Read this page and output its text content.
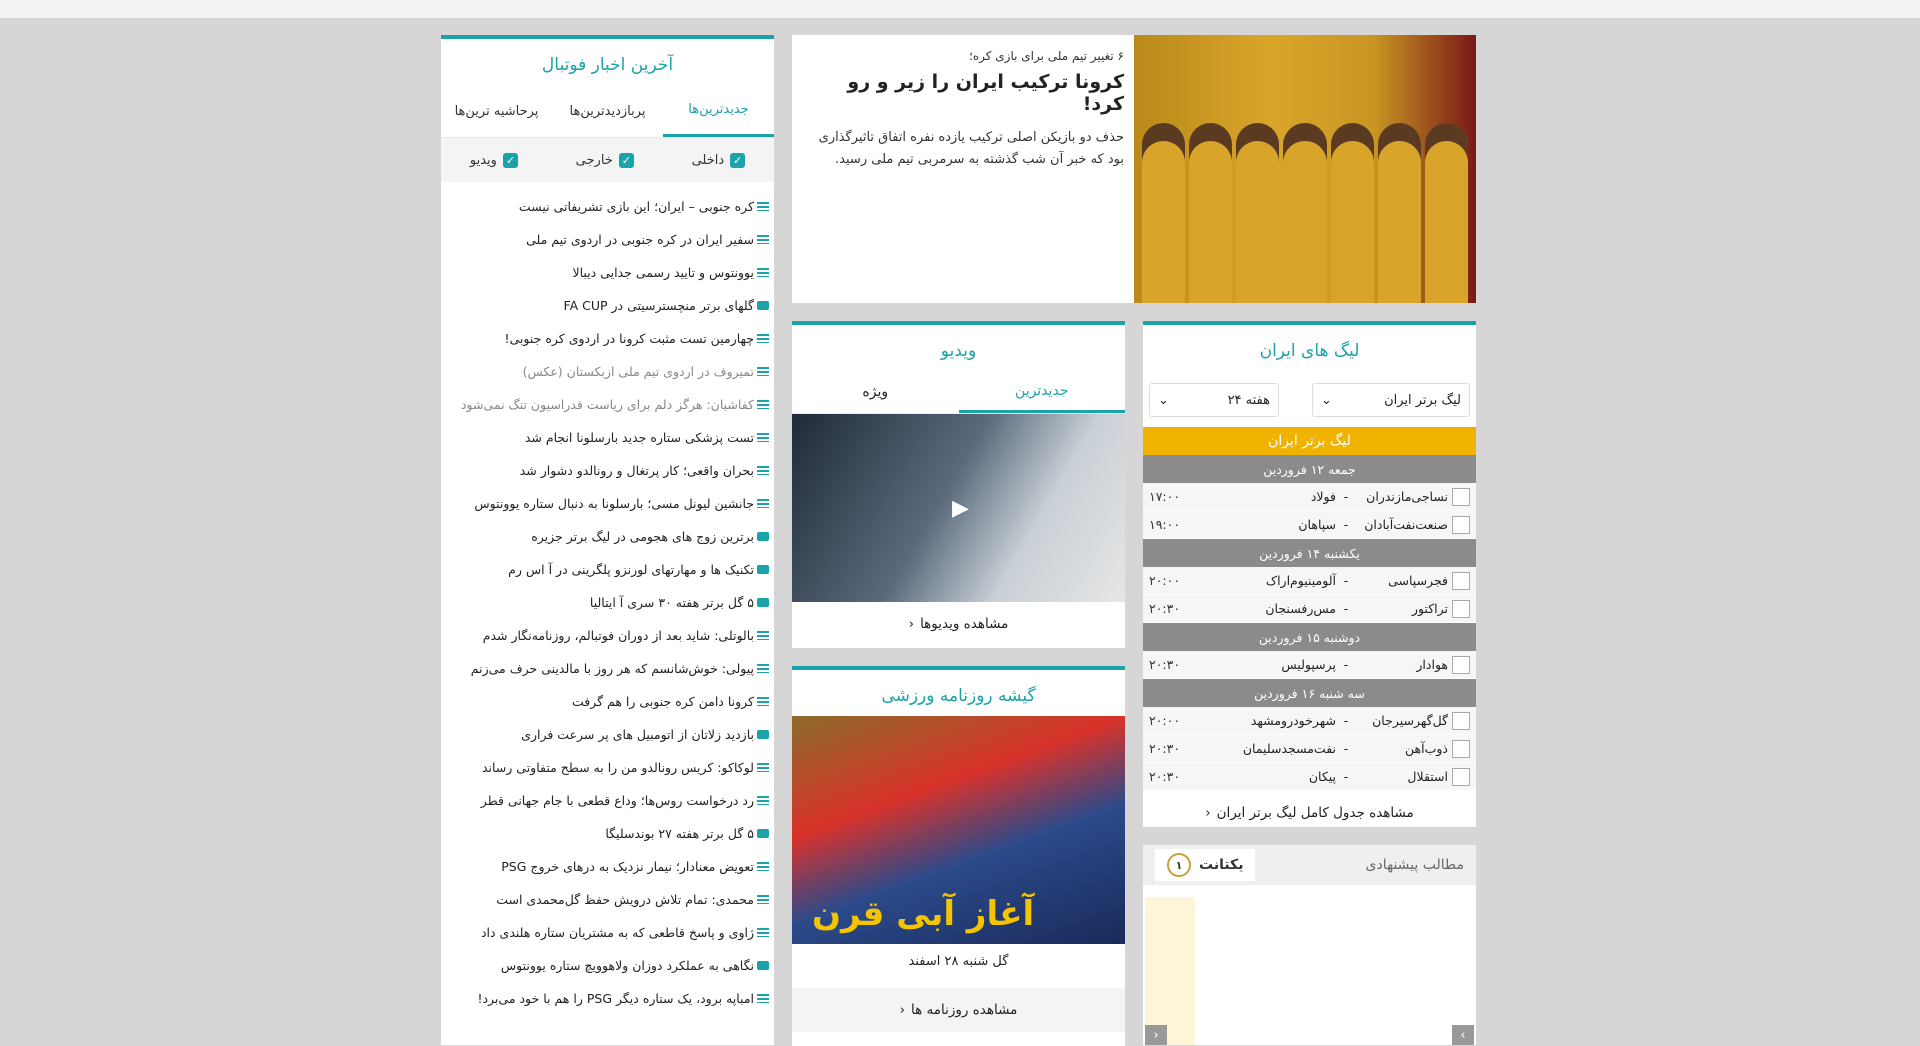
آخرین اخبار فوتبال
جدیدترین‌ها
پربازدیدترین‌ها
پرحاشیه ترین‌ها
✓
داخلی
✓
خارجی
✓
ویدیو
کره جنوبی – ایران؛ این بازی تشریفاتی نیست
سفیر ایران در کره جنوبی در اردوی تیم ملی
یوونتوس و تایید رسمی جدایی دیبالا
گلهای برتر منچسترسیتی در FA CUP
چهارمین تست مثبت کرونا در اردوی کره جنوبی!
تمیروف در اردوی تیم ملی ازبکستان (عکس)
کفاشیان: هرگز دلم برای ریاست فدراسیون تنگ نمی‌شود
تست پزشکی ستاره جدید بارسلونا انجام شد
بحران واقعی؛ کار پرتغال و رونالدو دشوار شد
جانشین لیونل مسی؛ بارسلونا به دنبال ستاره یوونتوس
برترین زوج های هجومی در لیگ برتر جزیره
تکنیک ها و مهارتهای لورنزو پلگرینی در آ اس رم
۵ گل برتر هفته ۳۰ سری آ ایتالیا
بالوتلی: شاید بعد از دوران فوتبالم، روزنامه‌نگار شدم
پیولی: خوش‌شانسم که هر روز با مالدینی حرف می‌زنم
کرونا دامن کره جنوبی را هم گرفت
بازدید زلاتان از اتومبیل های پر سرعت فراری
لوکاکو: کریس رونالدو من را به سطح متفاوتی رساند
رد درخواست روس‌ها؛ وداع قطعی با جام جهانی قطر
۵ گل برتر هفته ۲۷ بوندسلیگا
تعویض معنادار؛ نیمار نزدیک به درهای خروج PSG
محمدی: تمام تلاش درویش حفظ گل‌محمدی است
ژاوی و پاسخ قاطعی که به مشتریان ستاره هلندی داد
نگاهی به عملکرد دوزان ولاهوویچ ستاره یوونتوس
امباپه برود، یک ستاره دیگر PSG را هم با خود می‌برد!
۶ تغییر تیم ملی برای بازی کره؛
کرونا ترکیب ایران را زیر و رو کرد!
حذف دو بازیکن اصلی ترکیب یازده نفره اتفاق تاثیرگذاری بود که خبر آن شب گذشته به سرمربی تیم ملی رسید.
ویدیو
جدیدترین
ویژه
▶
مشاهده ویدیوها
‹
گیشه روزنامه ورزشی
آغاز آبی قرن
گل شنبه ۲۸ اسفند
مشاهده روزنامه ها
‹
لیگ های ایران
لیگ برتر ایران
⌄
هفته ۲۴
⌄
لیگ برتر ایران
جمعه ۱۲ فروردین
نساجی‌مازندران
-
فولاد
۱۷:۰۰
صنعت‌نفت‌آبادان
-
سپاهان
۱۹:۰۰
یکشنبه ۱۴ فروردین
فجرسپاسی
-
آلومینیوم‌اراک
۲۰:۰۰
تراکتور
-
مس‌رفسنجان
۲۰:۳۰
دوشنبه ۱۵ فروردین
هوادار
-
پرسپولیس
۲۰:۳۰
سه شنبه ۱۶ فروردین
گل‌گهرسیرجان
-
شهرخودرومشهد
۲۰:۰۰
ذوب‌آهن
-
نفت‌مسجدسلیمان
۲۰:۳۰
استقلال
-
پیکان
۲۰:۳۰
مشاهده جدول کامل لیگ برتر ایران
‹
مطالب پیشنهادی
یکتانت
۱
›
‹
